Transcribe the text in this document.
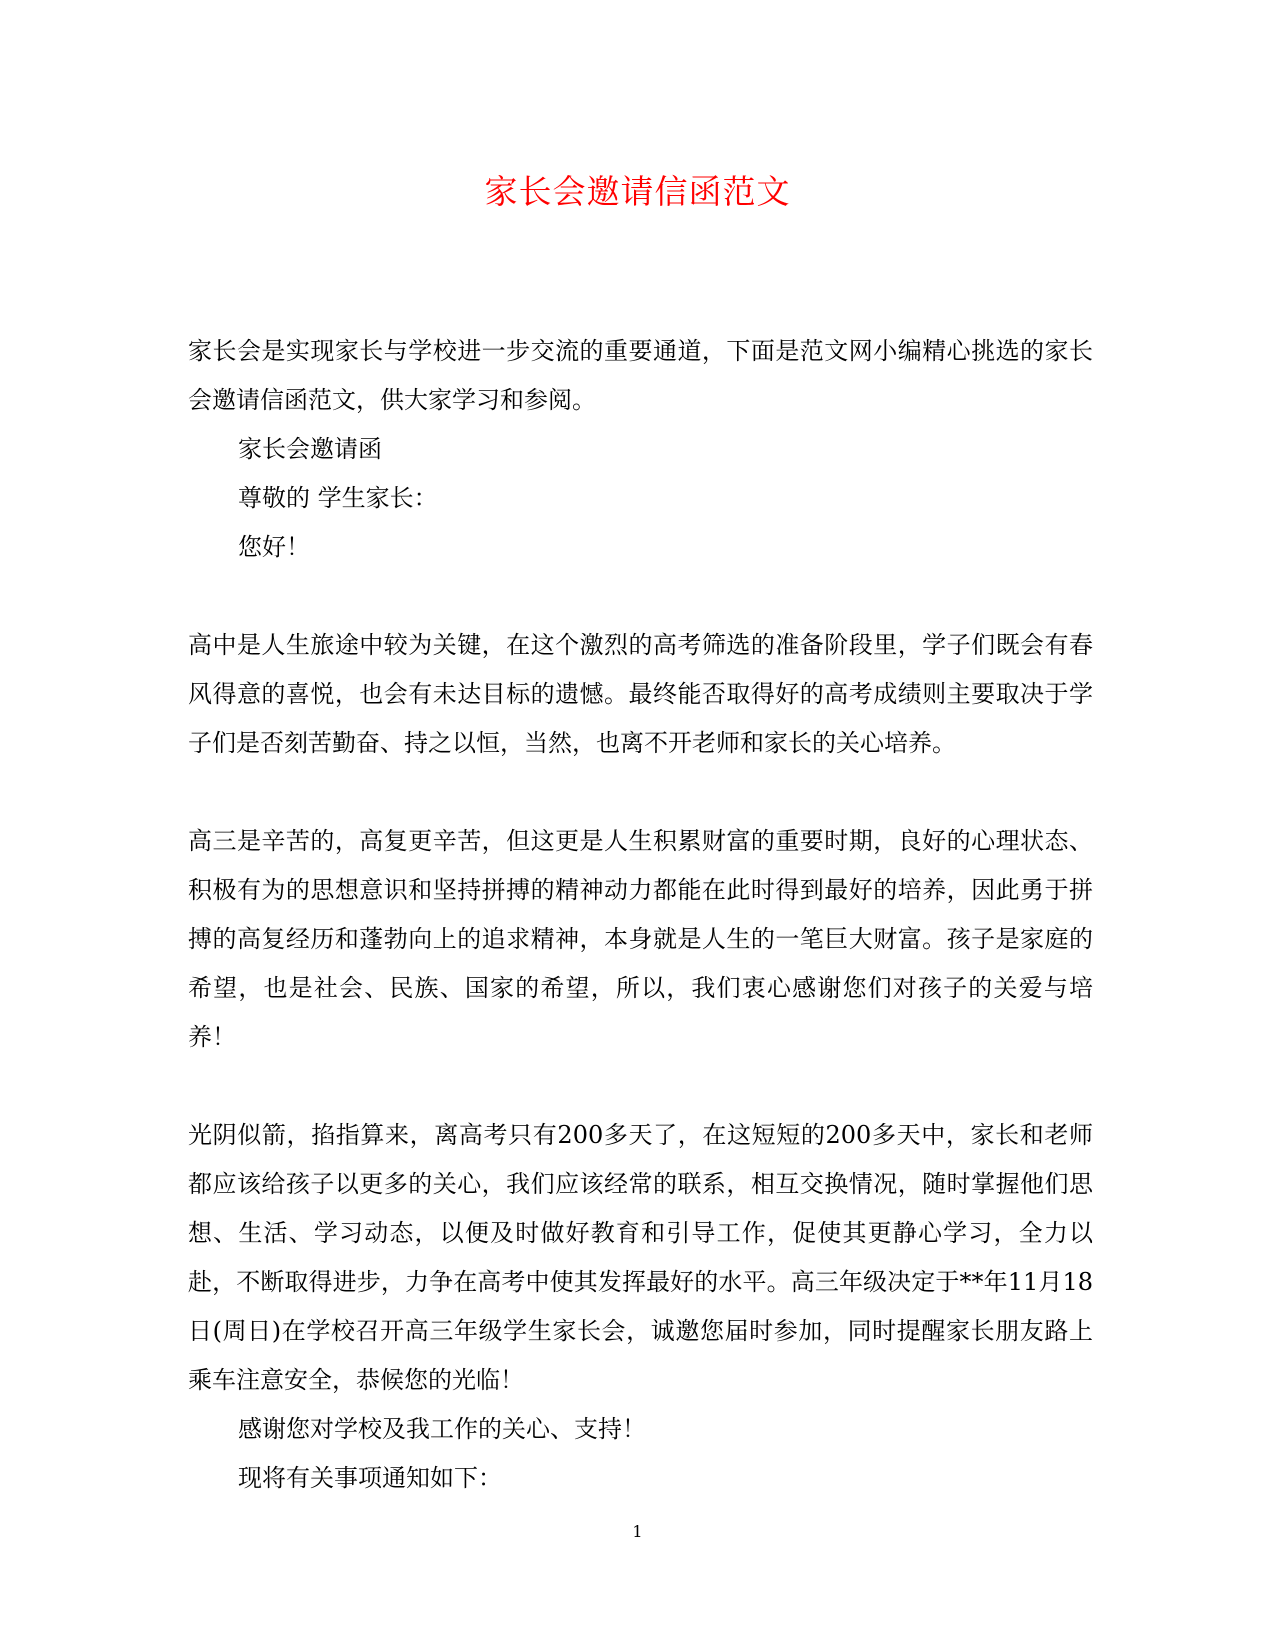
家长会邀请信函范文

家长会是实现家长与学校进一步交流的重要通道，下面是范文网小编精心挑选的家长会邀请信函范文，供大家学习和参阅。

家长会邀请函

尊敬的 学生家长：

您好！

高中是人生旅途中较为关键，在这个激烈的高考筛选的准备阶段里，学子们既会有春风得意的喜悦，也会有未达目标的遗憾。最终能否取得好的高考成绩则主要取决于学子们是否刻苦勤奋、持之以恒，当然，也离不开老师和家长的关心培养。

高三是辛苦的，高复更辛苦，但这更是人生积累财富的重要时期，良好的心理状态、积极有为的思想意识和坚持拼搏的精神动力都能在此时得到最好的培养，因此勇于拼搏的高复经历和蓬勃向上的追求精神，本身就是人生的一笔巨大财富。孩子是家庭的希望，也是社会、民族、国家的希望，所以，我们衷心感谢您们对孩子的关爱与培养！

光阴似箭，掐指算来，离高考只有200多天了，在这短短的200多天中，家长和老师都应该给孩子以更多的关心，我们应该经常的联系，相互交换情况，随时掌握他们思想、生活、学习动态，以便及时做好教育和引导工作，促使其更静心学习，全力以赴，不断取得进步，力争在高考中使其发挥最好的水平。高三年级决定于**年11月18日(周日)在学校召开高三年级学生家长会，诚邀您届时参加，同时提醒家长朋友路上乘车注意安全，恭候您的光临！

感谢您对学校及我工作的关心、支持！

现将有关事项通知如下：

1
